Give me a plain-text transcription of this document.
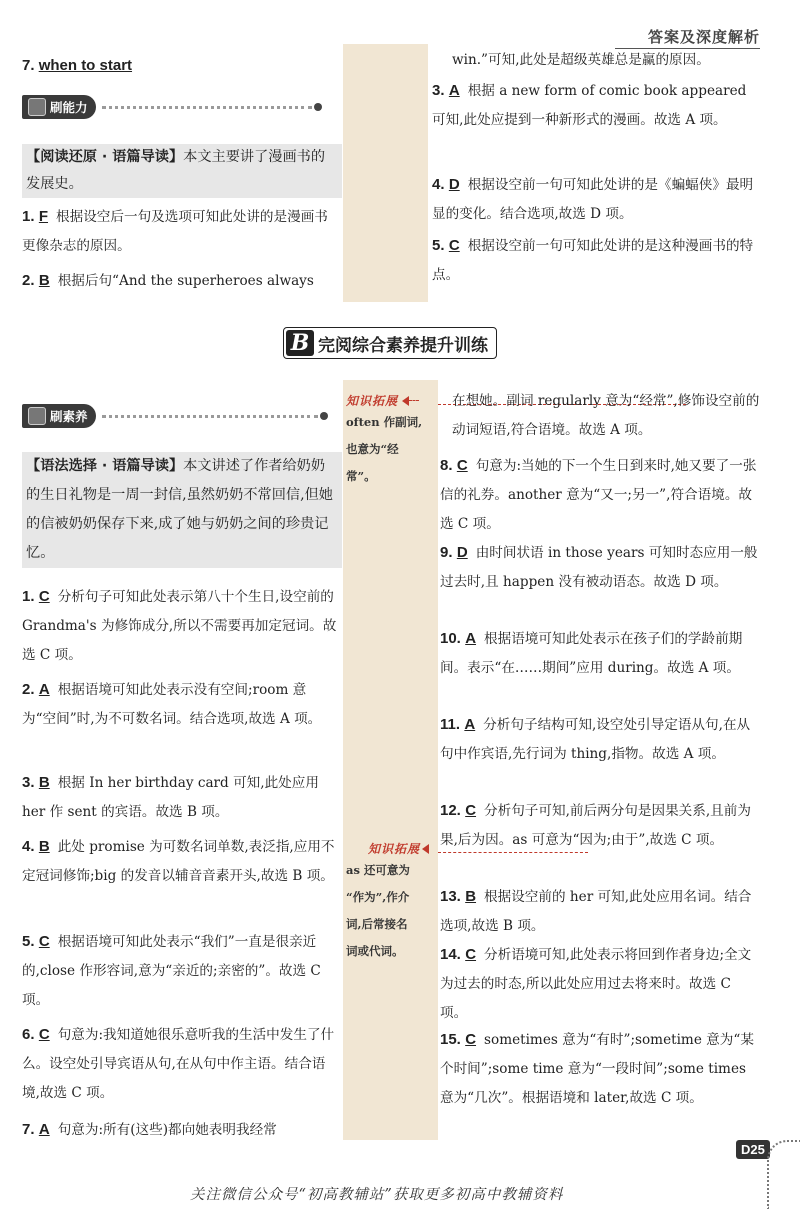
答案及深度解析
7. when to start
刷能力
【阅读还原 · 语篇导读】本文主要讲了漫画书的发展史。
1. F 根据设空后一句及选项可知此处讲的是漫画书更像杂志的原因。
2. B 根据后句“And the superheroes always
win.”可知,此处是超级英雄总是赢的原因。
3. A 根据 a new form of comic book appeared 可知,此处应提到一种新形式的漫画。故选 A 项。
4. D 根据设空前一句可知此处讲的是《蝙蝠侠》最明显的变化。结合选项,故选 D 项。
5. C 根据设空前一句可知此处讲的是这种漫画书的特点。
B 完阅综合素养提升训练
知识拓展
often 作副词,
也意为“经
常”。
知识拓展
as 还可意为
“作为”,作介
词,后常接名
词或代词。
刷素养
【语法选择 · 语篇导读】本文讲述了作者给奶奶的生日礼物是一周一封信,虽然奶奶不常回信,但她的信被奶奶保存下来,成了她与奶奶之间的珍贵记忆。
1. C 分析句子可知此处表示第八十个生日,设空前的 Grandma's 为修饰成分,所以不需要再加定冠词。故选 C 项。
2. A 根据语境可知此处表示没有空间;room 意为“空间”时,为不可数名词。结合选项,故选 A 项。
3. B 根据 In her birthday card 可知,此处应用 her 作 sent 的宾语。故选 B 项。
4. B 此处 promise 为可数名词单数,表泛指,应用不定冠词修饰;big 的发音以辅音音素开头,故选 B 项。
5. C 根据语境可知此处表示“我们”一直是很亲近的,close 作形容词,意为“亲近的;亲密的”。故选 C 项。
6. C 句意为:我知道她很乐意听我的生活中发生了什么。设空处引导宾语从句,在从句中作主语。结合语境,故选 C 项。
7. A 句意为:所有(这些)都向她表明我经常
在想她。副词 regularly 意为“经常”,修饰设空前的动词短语,符合语境。故选 A 项。
8. C 句意为:当她的下一个生日到来时,她又要了一张信的礼券。another 意为“又一;另一”,符合语境。故选 C 项。
9. D 由时间状语 in those years 可知时态应用一般过去时,且 happen 没有被动语态。故选 D 项。
10. A 根据语境可知此处表示在孩子们的学龄前期间。表示“在……期间”应用 during。故选 A 项。
11. A 分析句子结构可知,设空处引导定语从句,在从句中作宾语,先行词为 thing,指物。故选 A 项。
12. C 分析句子可知,前后两分句是因果关系,且前为果,后为因。as 可意为“因为;由于”,故选 C 项。
13. B 根据设空前的 her 可知,此处应用名词。结合选项,故选 B 项。
14. C 分析语境可知,此处表示将回到作者身边;全文为过去的时态,所以此处应用过去将来时。故选 C 项。
15. C sometimes 意为“有时”;sometime 意为“某个时间”;some time 意为“一段时间”;some times 意为“几次”。根据语境和 later,故选 C 项。
D25
关注微信公众号“初高教辅站”获取更多初高中教辅资料
